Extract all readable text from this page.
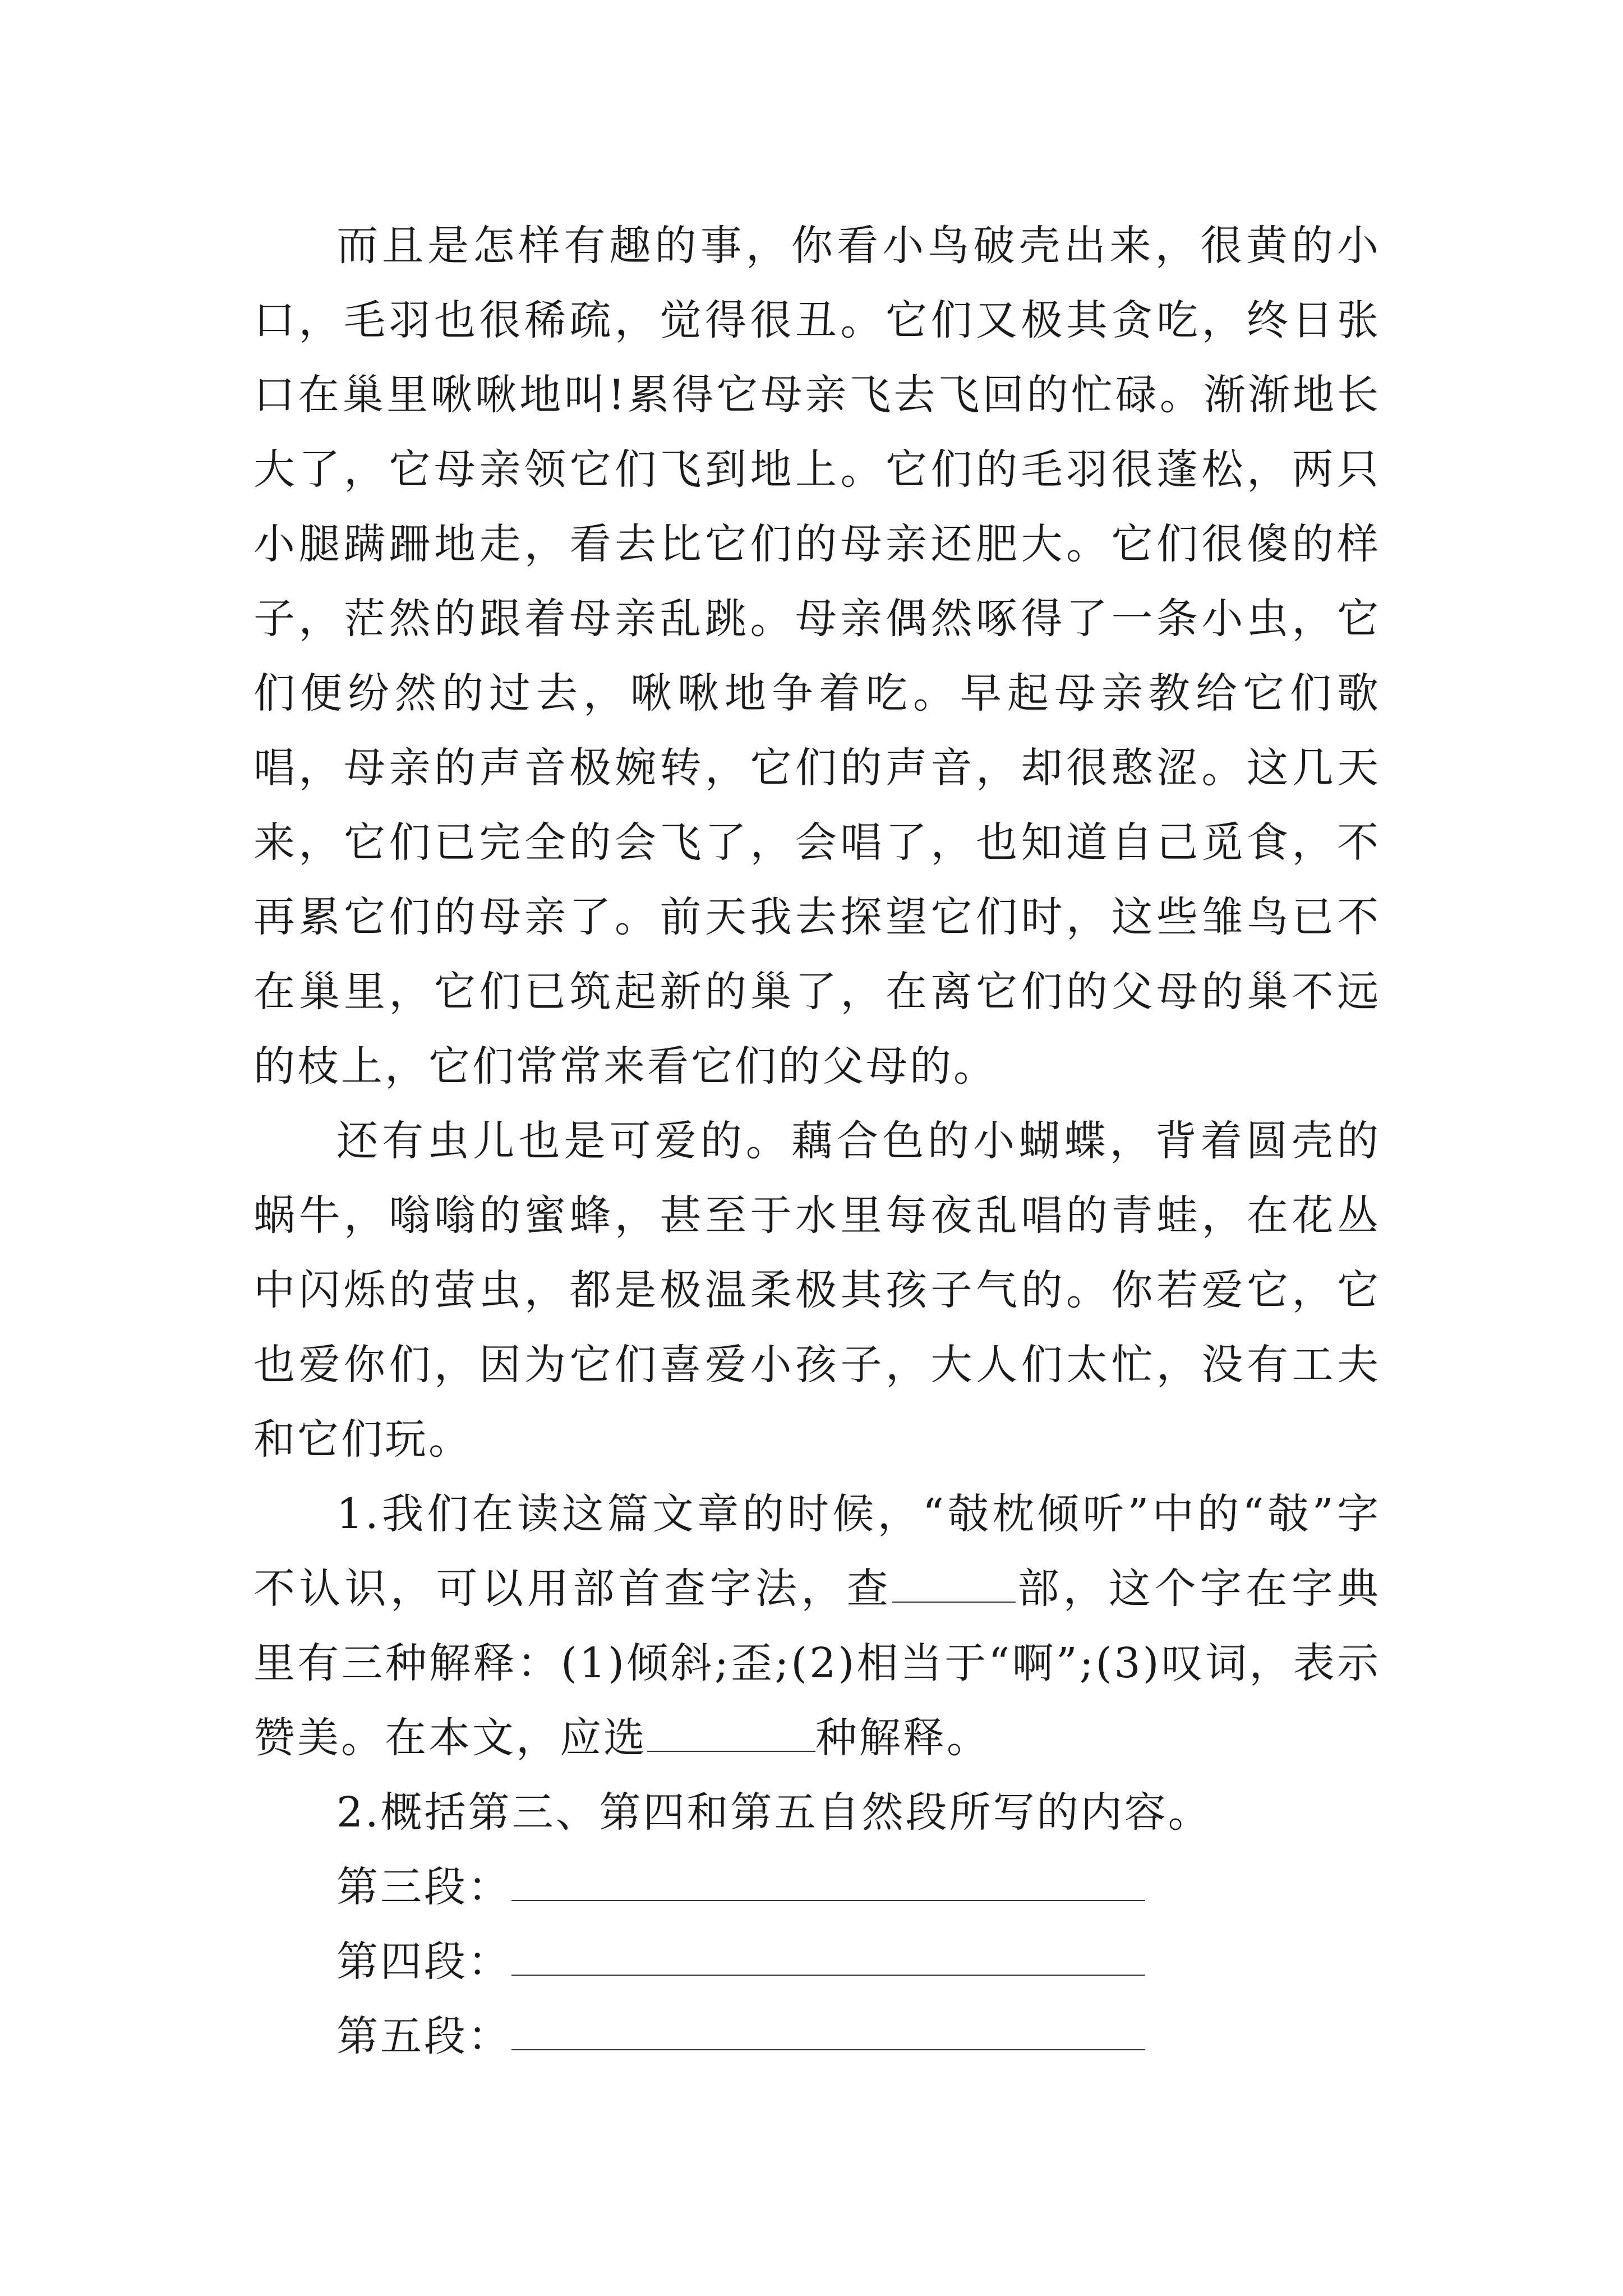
而且是怎样有趣的事，你看小鸟破壳出来，很黄的小口，毛羽也很稀疏，觉得很丑。它们又极其贪吃，终日张口在巢里啾啾地叫!累得它母亲飞去飞回的忙碌。渐渐地长大了，它母亲领它们飞到地上。它们的毛羽很蓬松，两只小腿蹒跚地走，看去比它们的母亲还肥大。它们很傻的样子，茫然的跟着母亲乱跳。母亲偶然啄得了一条小虫，它们便纷然的过去，啾啾地争着吃。早起母亲教给它们歌唱，母亲的声音极婉转，它们的声音，却很憨涩。这几天来，它们已完全的会飞了，会唱了，也知道自己觅食，不再累它们的母亲了。前天我去探望它们时，这些雏鸟已不在巢里，它们已筑起新的巢了，在离它们的父母的巢不远的枝上，它们常常来看它们的父母的。

还有虫儿也是可爱的。藕合色的小蝴蝶，背着圆壳的蜗牛，嗡嗡的蜜蜂，甚至于水里每夜乱唱的青蛙，在花丛中闪烁的萤虫，都是极温柔极其孩子气的。你若爱它，它也爱你们，因为它们喜爱小孩子，大人们太忙，没有工夫和它们玩。

1.我们在读这篇文章的时候，“攲枕倾听”中的“攲”字不认识，可以用部首查字法，查	部，这个字在字典里有三种解释：(1)倾斜;歪;(2)相当于“啊”;(3)叹词，表示赞美。在本文，应选	种解释。

2.概括第三、第四和第五自然段所写的内容。

第三段：

第四段：

第五段：
